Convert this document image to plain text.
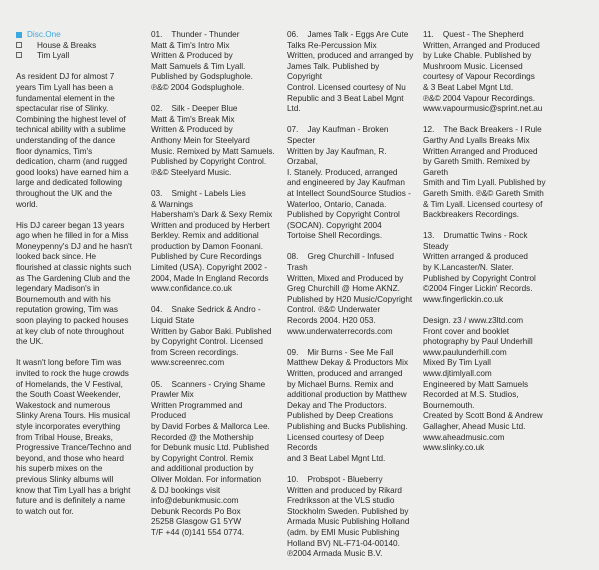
Disc.One
House & Breaks
Tim Lyall

As resident DJ for almost 7 years Tim Lyall has been a fundamental element in the spectacular rise of Slinky. Combining the highest level of technical ability with a sublime understanding of the dance floor dynamics, Tim's dedication, charm (and rugged good looks) have earned him a large and dedicated following throughout the UK and the world.

His DJ career began 13 years ago when he filled in for a Miss Moneypenny's DJ and he hasn't looked back since. He flourished at classic nights such as The Gardening Club and the legendary Madison's in Bournemouth and with his reputation growing, Tim was soon playing to packed houses at key club of note throughout the UK.

It wasn't long before Tim was invited to rock the huge crowds of Homelands, the V Festival, the South Coast Weekender, Wakestock and numerous Slinky Arena Tours. His musical style incorporates everything from Tribal House, Breaks, Progressive Trance/Techno and beyond, and those who heard his superb mixes on the previous Slinky albums will know that Tim Lyall has a bright future and is definitely a name to watch out for.

01.    Thunder - Thunder
Matt & Tim's Intro Mix
Written & Produced by
Matt Samuels & Tim Lyall.
Published by Godsplughole.
℗&© 2004 Godsplughole.
02.    Silk - Deeper Blue
Matt & Tim's Break Mix
Written & Produced by
Anthony Mein for Steelyard
Music. Remixed by Matt Samuels.
Published by Copyright Control.
℗&© Steelyard Music.
03.    Smight - Labels Lies
& Warnings
Habersham's Dark & Sexy Remix
Written and produced by Herbert
Berkley. Remix and additional
production by Damon Foonani.
Published by Cure Recordings
Limited (USA). Copyright 2002 -
2004, Made In England Records
www.confidance.co.uk
04.    Snake Sedrick & Andro -
Liquid State
Written by Gabor Baki. Published
by Copyright Control. Licensed
from Screen recordings.
www.screenrec.com
05.    Scanners - Crying Shame
Prawler Mix
Written Programmed and Produced
by David Forbes & Mallorca Lee.
Recorded @ the Mothership
for Debunk music Ltd. Published
by Copyright Control. Remix
and additional production by
Oliver Moldan. For information
& DJ bookings visit
info@debunkmusic.com
Debunk Records Po Box
25258 Glasgow G1 5YW
T/F +44 (0)141 554 0774.
06.    James Talk - Eggs Are Cute
Talks Re-Percussion Mix
Written, produced and arranged by
James Talk. Published by Copyright
Control. Licensed courtesy of Nu
Republic and 3 Beat Label Mgnt Ltd.
07.    Jay Kaufman - Broken Specter
Written by Jay Kaufman, R. Orzabal,
I. Stanely. Produced, arranged
and engineered by Jay Kaufman
at Intellect SoundSource Studios -
Waterloo, Ontario, Canada.
Published by Copyright Control
(SOCAN). Copyright 2004
Tortoise Shell Recordings.
08.    Greg Churchill - Infused Trash
Written, Mixed and Produced by
Greg Churchill @ Home AKNZ.
Published by H20 Music/Copyright
Control. ℗&© Underwater
Records 2004. H20 053.
www.underwaterrecords.com
09.    Mir Burns - See Me Fall
Matthew Dekay & Productors Mix
Written, produced and arranged
by Michael Burns. Remix and
additional production by Matthew
Dekay and The Productors.
Published by Deep Creations
Publishing and Bucks Publishing.
Licensed courtesy of Deep Records
and 3 Beat Label Mgnt Ltd.
10.    Probspot - Blueberry
Written and produced by Rikard
Fredriksson at the VLS studio
Stockholm Sweden. Published by
Armada Music Publishing Holland
(adm. by EMI Music Publishing
Holland BV) NL-F71-04-00140.
℗2004 Armada Music B.V.
11.    Quest - The Shepherd
Written, Arranged and Produced
by Luke Chable. Published by
Mushroom Music. Licensed
courtesy of Vapour Recordings
& 3 Beat Label Mgnt Ltd.
℗&© 2004 Vapour Recordings.
www.vapourmusic@sprint.net.au
12.    The Back Breakers - I Rule
Garthy And Lyalls Breaks Mix
Written Arranged and Produced
by Gareth Smith. Remixed by Gareth
Smith and Tim Lyall. Published by
Gareth Smith. ℗&© Gareth Smith
& Tim Lyall. Licensed courtesy of
Backbreakers Recordings.
13.    Drumattic Twins - Rock Steady
Written arranged & produced
by K.Lancaster/N. Slater.
Published by Copyright Control
©2004 Finger Lickin' Records.
www.fingerlickin.co.uk
Design. z3 / www.z3ltd.com
Front cover and booklet
photography by Paul Underhill
www.paulunderhill.com
Mixed By Tim Lyall
www.djtimlyall.com
Engineered by Matt Samuels
Recorded at M.S. Studios,
Bournemouth.
Created by Scott Bond & Andrew
Gallagher, Ahead Music Ltd.
www.aheadmusic.com
www.slinky.co.uk
